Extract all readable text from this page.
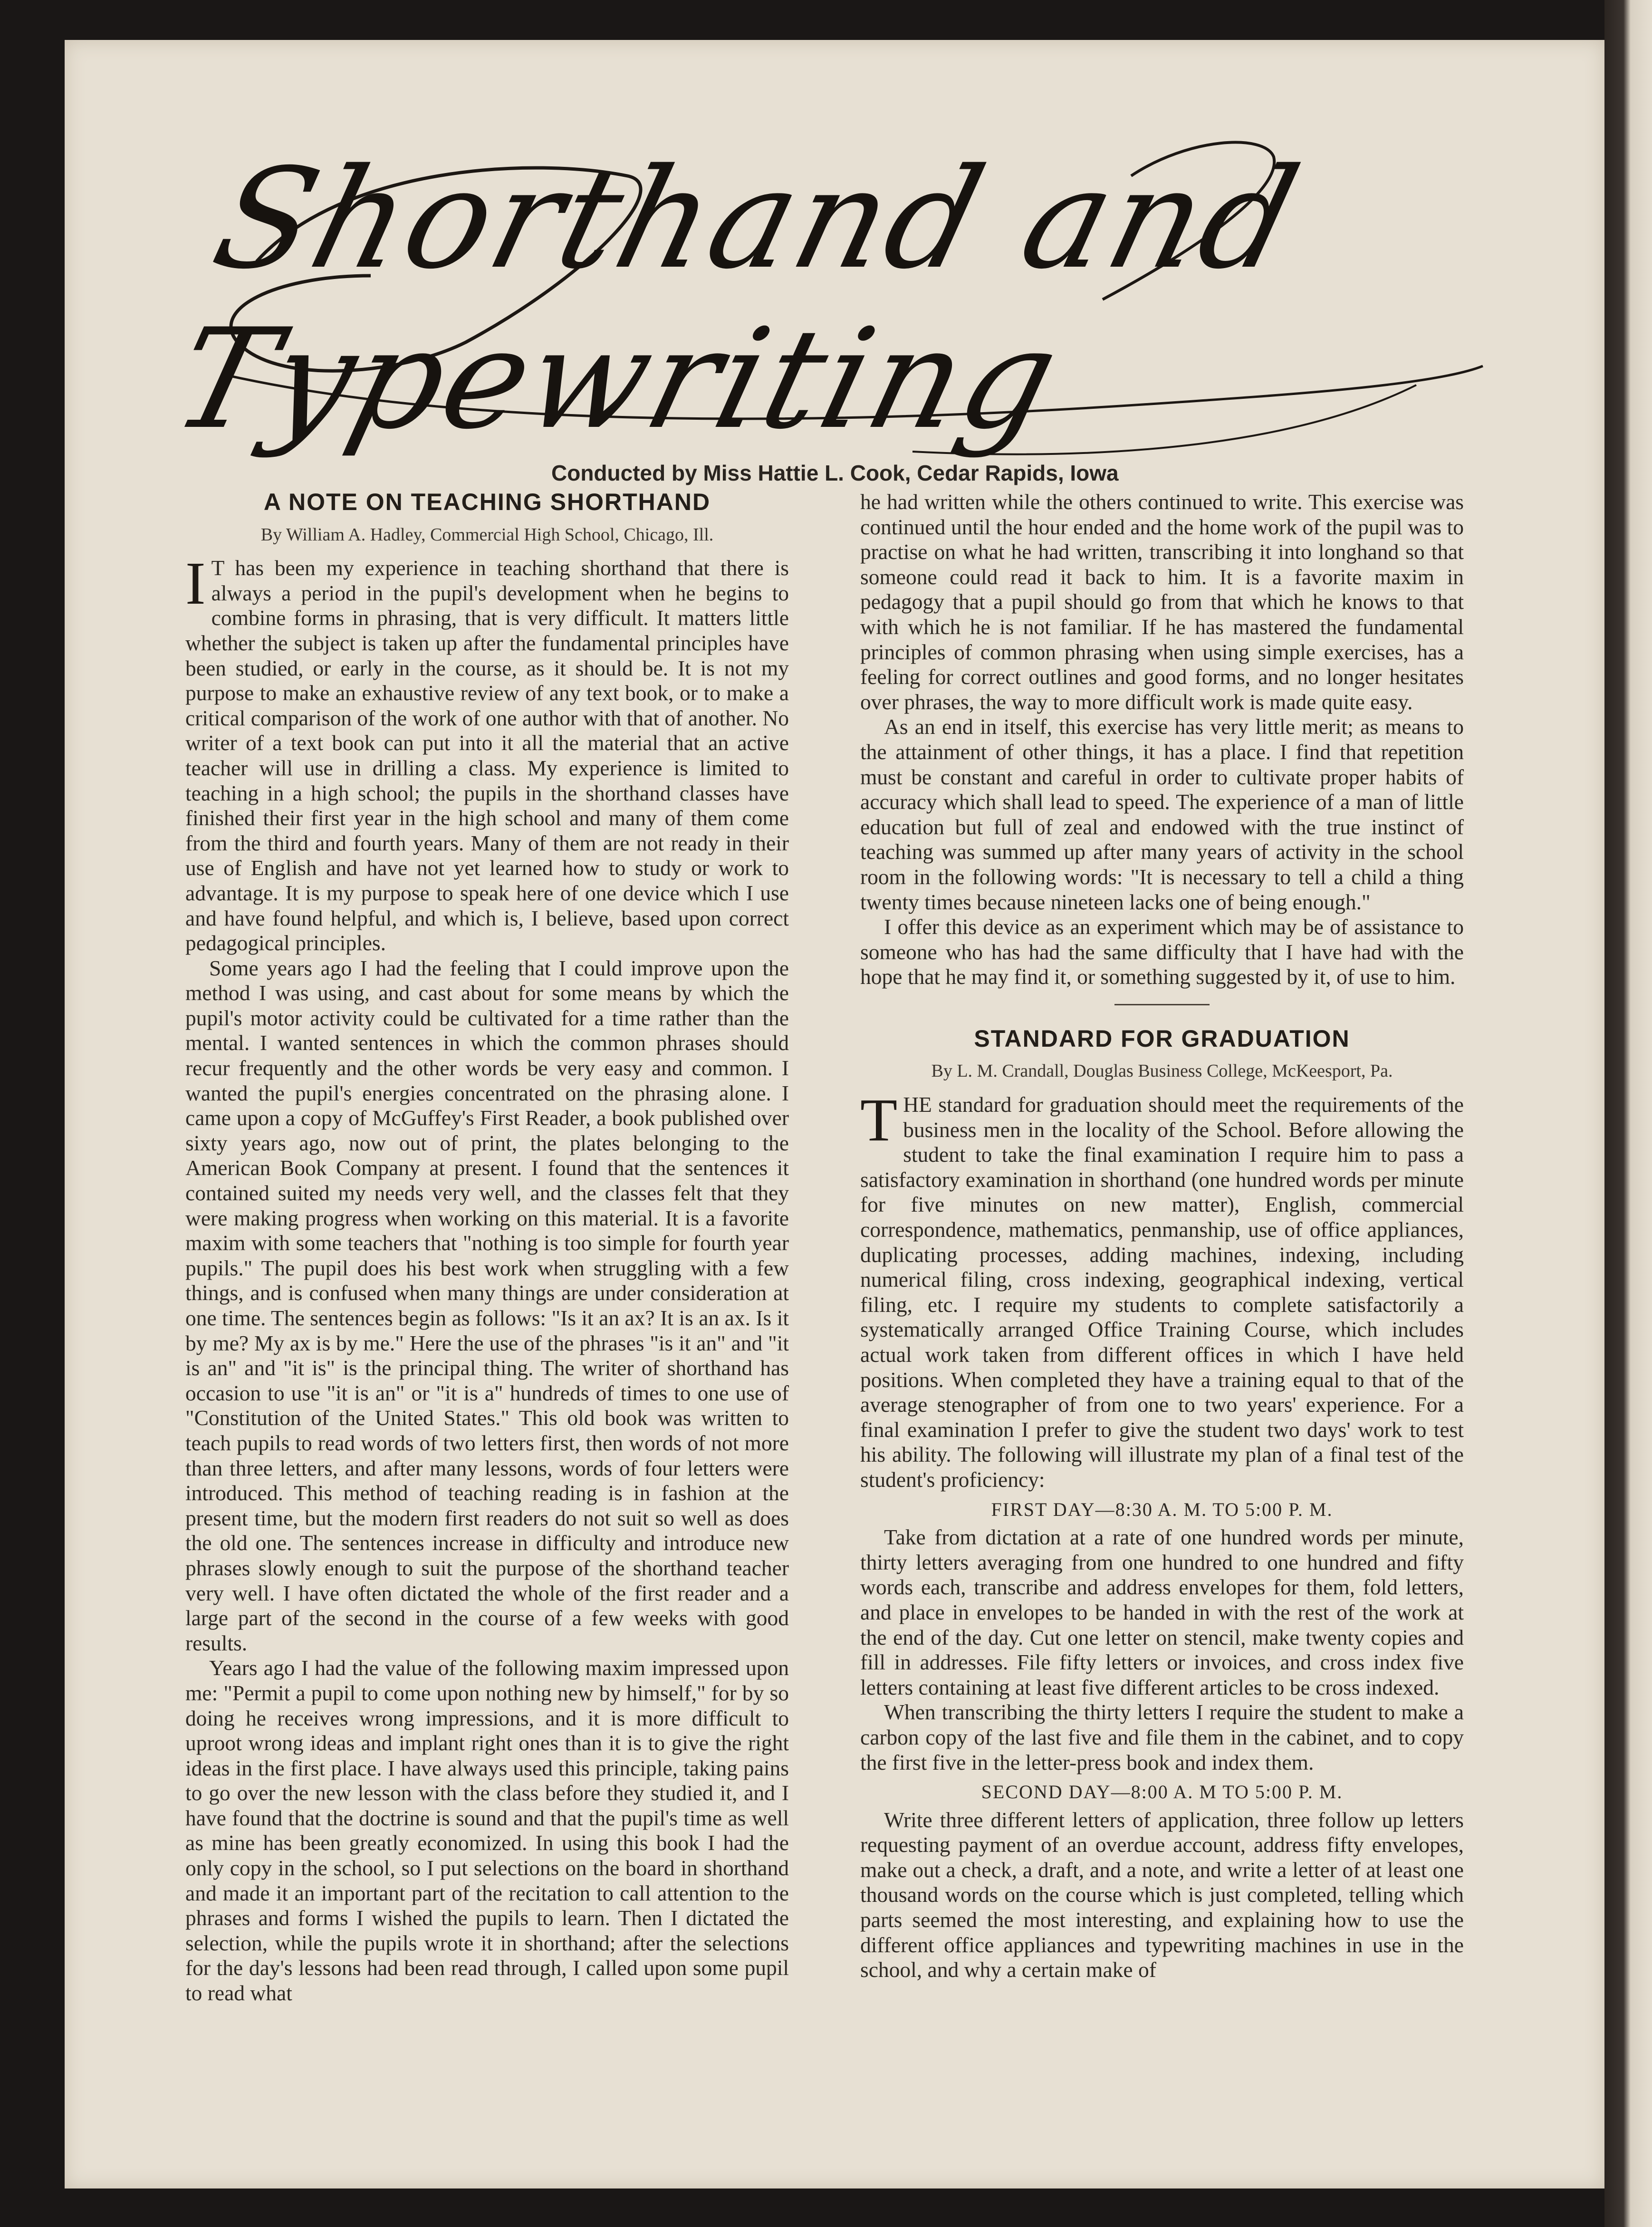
Shorthand and Typewriting
Conducted by Miss Hattie L. Cook, Cedar Rapids, Iowa
A NOTE ON TEACHING SHORTHAND
By William A. Hadley, Commercial High School, Chicago, Ill.

I T has been my experience in teaching shorthand that there is always a period in the pupil's development when he begins to combine forms in phrasing, that is very difficult. It matters little whether the subject is taken up after the fundamental principles have been studied, or early in the course, as it should be. It is not my purpose to make an exhaustive review of any text book, or to make a critical comparison of the work of one author with that of another. No writer of a text book can put into it all the material that an active teacher will use in drilling a class. My experience is limited to teaching in a high school; the pupils in the shorthand classes have finished their first year in the high school and many of them come from the third and fourth years. Many of them are not ready in their use of English and have not yet learned how to study or work to advantage. It is my purpose to speak here of one device which I use and have found helpful, and which is, I believe, based upon correct pedagogical principles.

Some years ago I had the feeling that I could improve upon the method I was using, and cast about for some means by which the pupil's motor activity could be cultivated for a time rather than the mental. I wanted sentences in which the common phrases should recur frequently and the other words be very easy and common. I wanted the pupil's energies concentrated on the phrasing alone. I came upon a copy of McGuffey's First Reader, a book published over sixty years ago, now out of print, the plates belonging to the American Book Company at present. I found that the sentences it contained suited my needs very well, and the classes felt that they were making progress when working on this material. It is a favorite maxim with some teachers that "nothing is too simple for fourth year pupils." The pupil does his best work when struggling with a few things, and is confused when many things are under consideration at one time. The sentences begin as follows: "Is it an ax? It is an ax. Is it by me? My ax is by me." Here the use of the phrases "is it an" and "it is an" and "it is" is the principal thing. The writer of shorthand has occasion to use "it is an" or "it is a" hundreds of times to one use of "Constitution of the United States." This old book was written to teach pupils to read words of two letters first, then words of not more than three letters, and after many lessons, words of four letters were introduced. This method of teaching reading is in fashion at the present time, but the modern first readers do not suit so well as does the old one. The sentences increase in difficulty and introduce new phrases slowly enough to suit the purpose of the shorthand teacher very well. I have often dictated the whole of the first reader and a large part of the second in the course of a few weeks with good results.

Years ago I had the value of the following maxim impressed upon me: "Permit a pupil to come upon nothing new by himself," for by so doing he receives wrong impressions, and it is more difficult to uproot wrong ideas and implant right ones than it is to give the right ideas in the first place. I have always used this principle, taking pains to go over the new lesson with the class before they studied it, and I have found that the doctrine is sound and that the pupil's time as well as mine has been greatly economized. In using this book I had the only copy in the school, so I put selections on the board in shorthand and made it an important part of the recitation to call attention to the phrases and forms I wished the pupils to learn. Then I dictated the selection, while the pupils wrote it in shorthand; after the selections for the day's lessons had been read through, I called upon some pupil to read what

he had written while the others continued to write. This exercise was continued until the hour ended and the home work of the pupil was to practise on what he had written, transcribing it into longhand so that someone could read it back to him. It is a favorite maxim in pedagogy that a pupil should go from that which he knows to that with which he is not familiar. If he has mastered the fundamental principles of common phrasing when using simple exercises, has a feeling for correct outlines and good forms, and no longer hesitates over phrases, the way to more difficult work is made quite easy.

As an end in itself, this exercise has very little merit; as means to the attainment of other things, it has a place. I find that repetition must be constant and careful in order to cultivate proper habits of accuracy which shall lead to speed. The experience of a man of little education but full of zeal and endowed with the true instinct of teaching was summed up after many years of activity in the school room in the following words: "It is necessary to tell a child a thing twenty times because nineteen lacks one of being enough."

I offer this device as an experiment which may be of assistance to someone who has had the same difficulty that I have had with the hope that he may find it, or something suggested by it, of use to him.

STANDARD FOR GRADUATION
By L. M. Crandall, Douglas Business College, McKeesport, Pa.

THE standard for graduation should meet the requirements of the business men in the locality of the School. Before allowing the student to take the final examination I require him to pass a satisfactory examination in shorthand (one hundred words per minute for five minutes on new matter), English, commercial correspondence, mathematics, penmanship, use of office appliances, duplicating processes, adding machines, indexing, including numerical filing, cross indexing, geographical indexing, vertical filing, etc. I require my students to complete satisfactorily a systematically arranged Office Training Course, which includes actual work taken from different offices in which I have held positions. When completed they have a training equal to that of the average stenographer of from one to two years' experience. For a final examination I prefer to give the student two days' work to test his ability. The following will illustrate my plan of a final test of the student's proficiency:

FIRST DAY—8:30 A. M. TO 5:00 P. M.

Take from dictation at a rate of one hundred words per minute, thirty letters averaging from one hundred to one hundred and fifty words each, transcribe and address envelopes for them, fold letters, and place in envelopes to be handed in with the rest of the work at the end of the day. Cut one letter on stencil, make twenty copies and fill in addresses. File fifty letters or invoices, and cross index five letters containing at least five different articles to be cross indexed.

When transcribing the thirty letters I require the student to make a carbon copy of the last five and file them in the cabinet, and to copy the first five in the letter-press book and index them.

SECOND DAY—8:00 A. M TO 5:00 P. M.

Write three different letters of application, three follow up letters requesting payment of an overdue account, address fifty envelopes, make out a check, a draft, and a note, and write a letter of at least one thousand words on the course which is just completed, telling which parts seemed the most interesting, and explaining how to use the different office appliances and typewriting machines in use in the school, and why a certain make of
